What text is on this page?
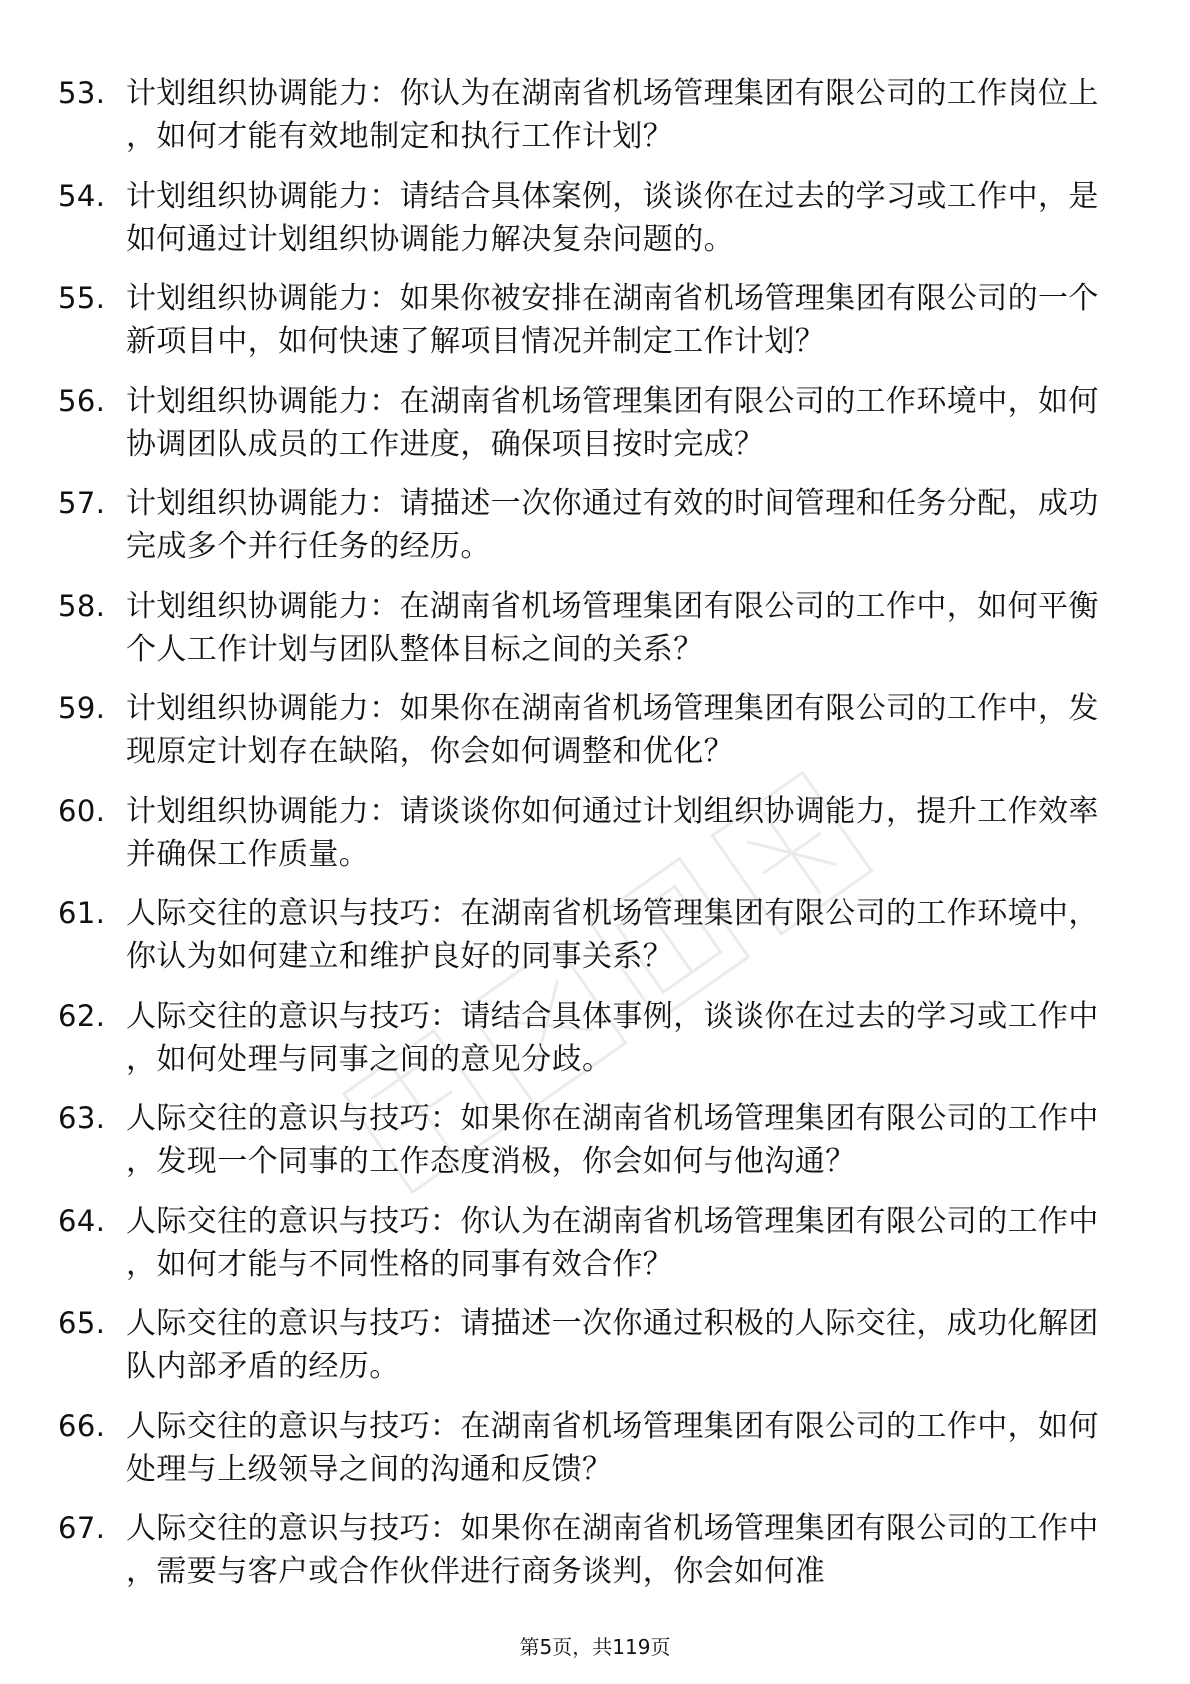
53. 计划组织协调能力：你认为在湖南省机场管理集团有限公司的工作岗位上，如何才能有效地制定和执行工作计划？
54. 计划组织协调能力：请结合具体案例，谈谈你在过去的学习或工作中，是如何通过计划组织协调能力解决复杂问题的。
55. 计划组织协调能力：如果你被安排在湖南省机场管理集团有限公司的一个新项目中，如何快速了解项目情况并制定工作计划？
56. 计划组织协调能力：在湖南省机场管理集团有限公司的工作环境中，如何协调团队成员的工作进度，确保项目按时完成？
57. 计划组织协调能力：请描述一次你通过有效的时间管理和任务分配，成功完成多个并行任务的经历。
58. 计划组织协调能力：在湖南省机场管理集团有限公司的工作中，如何平衡个人工作计划与团队整体目标之间的关系？
59. 计划组织协调能力：如果你在湖南省机场管理集团有限公司的工作中，发现原定计划存在缺陷，你会如何调整和优化？
60. 计划组织协调能力：请谈谈你如何通过计划组织协调能力，提升工作效率并确保工作质量。
61. 人际交往的意识与技巧：在湖南省机场管理集团有限公司的工作环境中，你认为如何建立和维护良好的同事关系？
62. 人际交往的意识与技巧：请结合具体事例，谈谈你在过去的学习或工作中，如何处理与同事之间的意见分歧。
63. 人际交往的意识与技巧：如果你在湖南省机场管理集团有限公司的工作中，发现一个同事的工作态度消极，你会如何与他沟通？
64. 人际交往的意识与技巧：你认为在湖南省机场管理集团有限公司的工作中，如何才能与不同性格的同事有效合作？
65. 人际交往的意识与技巧：请描述一次你通过积极的人际交往，成功化解团队内部矛盾的经历。
66. 人际交往的意识与技巧：在湖南省机场管理集团有限公司的工作中，如何处理与上级领导之间的沟通和反馈？
67. 人际交往的意识与技巧：如果你在湖南省机场管理集团有限公司的工作中，需要与客户或合作伙伴进行商务谈判，你会如何准
第5页，共119页
